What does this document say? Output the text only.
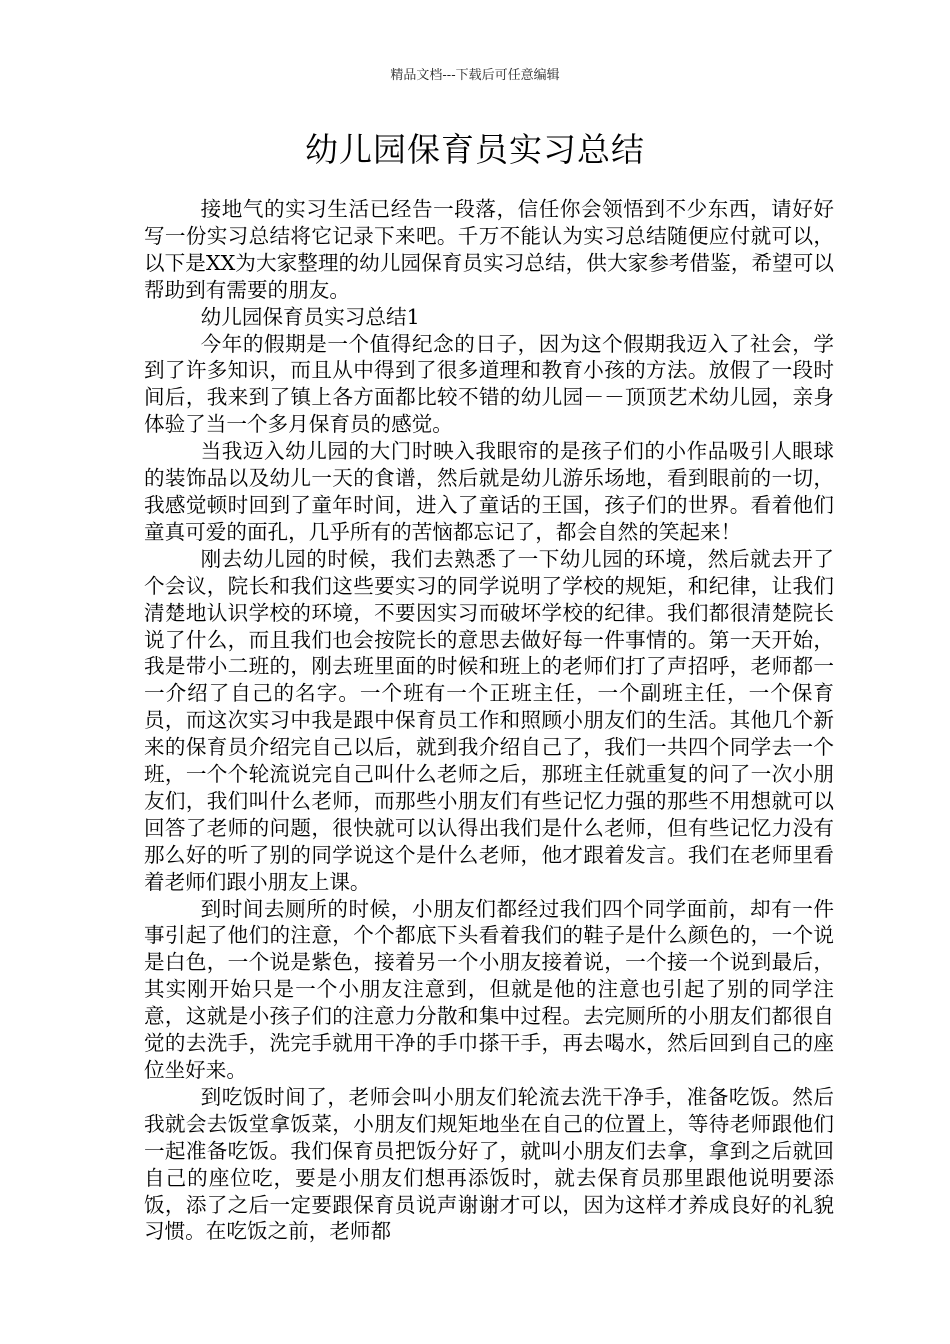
精品文档---下载后可任意编辑
幼儿园保育员实习总结

接地气的实习生活已经告一段落，信任你会领悟到不少东西，请好好写一份实习总结将它记录下来吧。千万不能认为实习总结随便应付就可以，以下是XX为大家整理的幼儿园保育员实习总结，供大家参考借鉴，希望可以帮助到有需要的朋友。

幼儿园保育员实习总结1

今年的假期是一个值得纪念的日子，因为这个假期我迈入了社会，学到了许多知识，而且从中得到了很多道理和教育小孩的方法。放假了一段时间后，我来到了镇上各方面都比较不错的幼儿园－－顶顶艺术幼儿园，亲身体验了当一个多月保育员的感觉。

当我迈入幼儿园的大门时映入我眼帘的是孩子们的小作品吸引人眼球的装饰品以及幼儿一天的食谱，然后就是幼儿游乐场地，看到眼前的一切，我感觉顿时回到了童年时间，进入了童话的王国，孩子们的世界。看着他们童真可爱的面孔，几乎所有的苦恼都忘记了，都会自然的笑起来！

刚去幼儿园的时候，我们去熟悉了一下幼儿园的环境，然后就去开了个会议，院长和我们这些要实习的同学说明了学校的规矩，和纪律，让我们清楚地认识学校的环境，不要因实习而破坏学校的纪律。我们都很清楚院长说了什么，而且我们也会按院长的意思去做好每一件事情的。第一天开始，我是带小二班的，刚去班里面的时候和班上的老师们打了声招呼，老师都一一介绍了自己的名字。一个班有一个正班主任，一个副班主任，一个保育员，而这次实习中我是跟中保育员工作和照顾小朋友们的生活。其他几个新来的保育员介绍完自己以后，就到我介绍自己了，我们一共四个同学去一个班，一个个轮流说完自己叫什么老师之后，那班主任就重复的问了一次小朋友们，我们叫什么老师，而那些小朋友们有些记忆力强的那些不用想就可以回答了老师的问题，很快就可以认得出我们是什么老师，但有些记忆力没有那么好的听了别的同学说这个是什么老师，他才跟着发言。我们在老师里看着老师们跟小朋友上课。

到时间去厕所的时候，小朋友们都经过我们四个同学面前，却有一件事引起了他们的注意，个个都底下头看着我们的鞋子是什么颜色的，一个说是白色，一个说是紫色，接着另一个小朋友接着说，一个接一个说到最后，其实刚开始只是一个小朋友注意到，但就是他的注意也引起了别的同学注意，这就是小孩子们的注意力分散和集中过程。去完厕所的小朋友们都很自觉的去洗手，洗完手就用干净的手巾搽干手，再去喝水，然后回到自己的座位坐好来。

到吃饭时间了，老师会叫小朋友们轮流去洗干净手，准备吃饭。然后我就会去饭堂拿饭菜，小朋友们规矩地坐在自己的位置上，等待老师跟他们一起准备吃饭。我们保育员把饭分好了，就叫小朋友们去拿，拿到之后就回自己的座位吃，要是小朋友们想再添饭时，就去保育员那里跟他说明要添饭，添了之后一定要跟保育员说声谢谢才可以，因为这样才养成良好的礼貌习惯。在吃饭之前，老师都
